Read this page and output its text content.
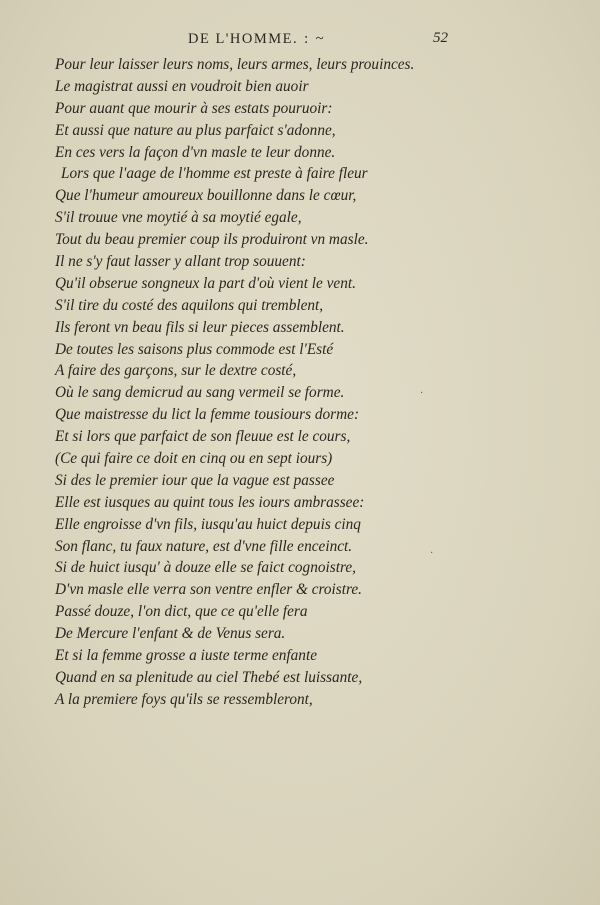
DE L'HOMME. : ~	52
Pour leur laisser leurs noms, leurs armes, leurs prouinces.
Le magistrat aussi en voudroit bien auoir
Pour auant que mourir à ses estats pouruoir:
Et aussi que nature au plus parfaict s'adonne,
En ces vers la façon d'vn masle te leur donne.
Lors que l'aage de l'homme est preste à faire fleur
Que l'humeur amoureux bouillonne dans le cœur,
S'il trouue vne moytié à sa moytié egale,
Tout du beau premier coup ils produiront vn masle.
Il ne s'y faut lasser y allant trop souuent:
Qu'il obserue songneux la part d'où vient le vent.
S'il tire du costé des aquilons qui tremblent,
Ils feront vn beau fils si leur pieces assemblent.
De toutes les saisons plus commode est l'Esté
A faire des garçons, sur le dextre costé,
Où le sang demicrud au sang vermeil se forme.
Que maistresse du lict la femme tousiours dorme:
Et si lors que parfaict de son fleuue est le cours,
(Ce qui faire ce doit en cinq ou en sept iours)
Si des le premier iour que la vague est passee
Elle est iusques au quint tous les iours ambrassee:
Elle engroisse d'vn fils, iusqu'au huict depuis cinq
Son flanc, tu faux nature, est d'vne fille enceinct.
Si de huict iusqu' à douze elle se faict cognoistre,
D'vn masle elle verra son ventre enfler & croistre.
Passé douze, l'on dict, que ce qu'elle fera
De Mercure l'enfant & de Venus sera.
Et si la femme grosse a iuste terme enfante
Quand en sa plenitude au ciel Thebé est luissante,
A la premiere foys qu'ils se ressembleront,
·
·
